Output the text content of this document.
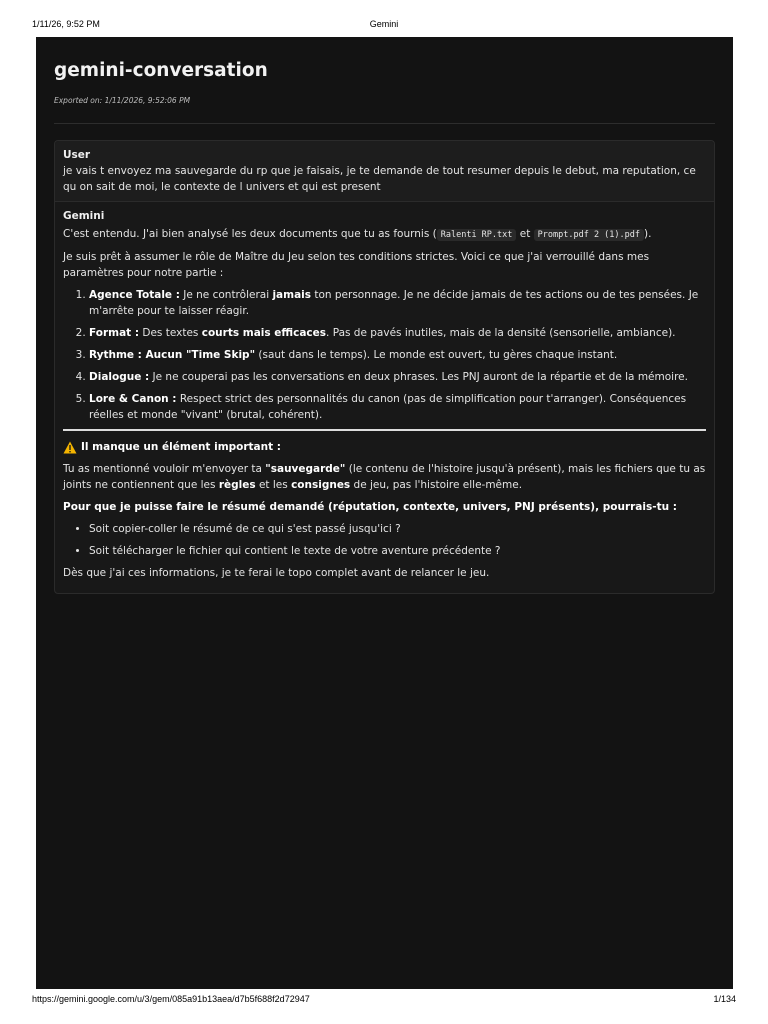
1/11/26, 9:52 PM	Gemini
gemini-conversation
Exported on: 1/11/2026, 9:52:06 PM
User
je vais t envoyez ma sauvegarde du rp que je faisais, je te demande de tout resumer depuis le debut, ma reputation, ce qu on sait de moi, le contexte de l univers et qui est present
Gemini

C'est entendu. J'ai bien analysé les deux documents que tu as fournis ( Ralenti RP.txt et Prompt.pdf 2 (1).pdf ).

Je suis prêt à assumer le rôle de Maître du Jeu selon tes conditions strictes. Voici ce que j'ai verrouillé dans mes paramètres pour notre partie :

1. Agence Totale : Je ne contrôlerai jamais ton personnage. Je ne décide jamais de tes actions ou de tes pensées. Je m'arrête pour te laisser réagir.
2. Format : Des textes courts mais efficaces. Pas de pavés inutiles, mais de la densité (sensorielle, ambiance).
3. Rythme : Aucun "Time Skip" (saut dans le temps). Le monde est ouvert, tu gères chaque instant.
4. Dialogue : Je ne couperai pas les conversations en deux phrases. Les PNJ auront de la répartie et de la mémoire.
5. Lore & Canon : Respect strict des personnalités du canon (pas de simplification pour t'arranger). Conséquences réelles et monde "vivant" (brutal, cohérent).
Il manque un élément important :

Tu as mentionné vouloir m'envoyer ta "sauvegarde" (le contenu de l'histoire jusqu'à présent), mais les fichiers que tu as joints ne contiennent que les règles et les consignes de jeu, pas l'histoire elle-même.

Pour que je puisse faire le résumé demandé (réputation, contexte, univers, PNJ présents), pourrais-tu :

• Soit copier-coller le résumé de ce qui s'est passé jusqu'ici ?
• Soit télécharger le fichier qui contient le texte de votre aventure précédente ?

Dès que j'ai ces informations, je te ferai le topo complet avant de relancer le jeu.

https://gemini.google.com/u/3/gem/085a91b13aea/d7b5f688f2d72947	1/134
